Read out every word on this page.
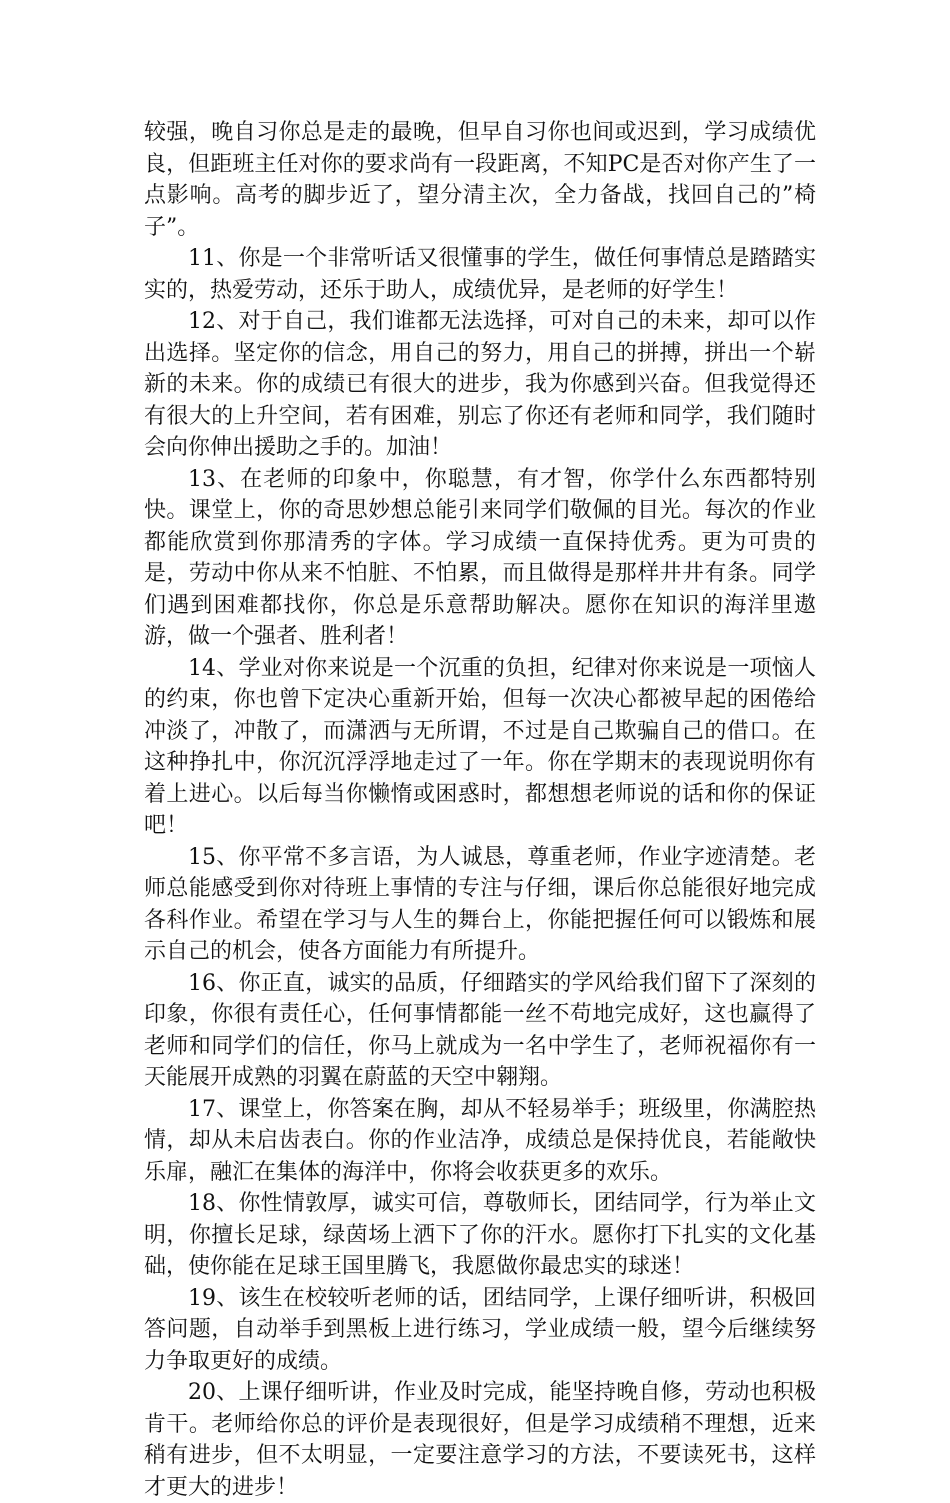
较强，晚自习你总是走的最晚，但早自习你也间或迟到，学习成绩优良，但距班主任对你的要求尚有一段距离，不知PC是否对你产生了一点影响。高考的脚步近了，望分清主次，全力备战，找回自己的”椅子”。

11、你是一个非常听话又很懂事的学生，做任何事情总是踏踏实实的，热爱劳动，还乐于助人，成绩优异，是老师的好学生！

12、对于自己，我们谁都无法选择，可对自己的未来，却可以作出选择。坚定你的信念，用自己的努力，用自己的拼搏，拼出一个崭新的未来。你的成绩已有很大的进步，我为你感到兴奋。但我觉得还有很大的上升空间，若有困难，别忘了你还有老师和同学，我们随时会向你伸出援助之手的。加油！

13、在老师的印象中，你聪慧，有才智，你学什么东西都特别快。课堂上，你的奇思妙想总能引来同学们敬佩的目光。每次的作业都能欣赏到你那清秀的字体。学习成绩一直保持优秀。更为可贵的是，劳动中你从来不怕脏、不怕累，而且做得是那样井井有条。同学们遇到困难都找你，你总是乐意帮助解决。愿你在知识的海洋里遨游，做一个强者、胜利者！

14、学业对你来说是一个沉重的负担，纪律对你来说是一项恼人的约束，你也曾下定决心重新开始，但每一次决心都被早起的困倦给冲淡了，冲散了，而潇洒与无所谓，不过是自己欺骗自己的借口。在这种挣扎中，你沉沉浮浮地走过了一年。你在学期末的表现说明你有着上进心。以后每当你懒惰或困惑时，都想想老师说的话和你的保证吧！

15、你平常不多言语，为人诚恳，尊重老师，作业字迹清楚。老师总能感受到你对待班上事情的专注与仔细，课后你总能很好地完成各科作业。希望在学习与人生的舞台上，你能把握任何可以锻炼和展示自己的机会，使各方面能力有所提升。

16、你正直，诚实的品质，仔细踏实的学风给我们留下了深刻的印象，你很有责任心，任何事情都能一丝不苟地完成好，这也赢得了老师和同学们的信任，你马上就成为一名中学生了，老师祝福你有一天能展开成熟的羽翼在蔚蓝的天空中翱翔。

17、课堂上，你答案在胸，却从不轻易举手；班级里，你满腔热情，却从未启齿表白。你的作业洁净，成绩总是保持优良，若能敞快乐扉，融汇在集体的海洋中，你将会收获更多的欢乐。

18、你性情敦厚，诚实可信，尊敬师长，团结同学，行为举止文明，你擅长足球，绿茵场上洒下了你的汗水。愿你打下扎实的文化基础，使你能在足球王国里腾飞，我愿做你最忠实的球迷！

19、该生在校较听老师的话，团结同学，上课仔细听讲，积极回答问题，自动举手到黑板上进行练习，学业成绩一般，望今后继续努力争取更好的成绩。

20、上课仔细听讲，作业及时完成，能坚持晚自修，劳动也积极肯干。老师给你总的评价是表现很好，但是学习成绩稍不理想，近来稍有进步，但不太明显，一定要注意学习的方法，不要读死书，这样才更大的进步！
